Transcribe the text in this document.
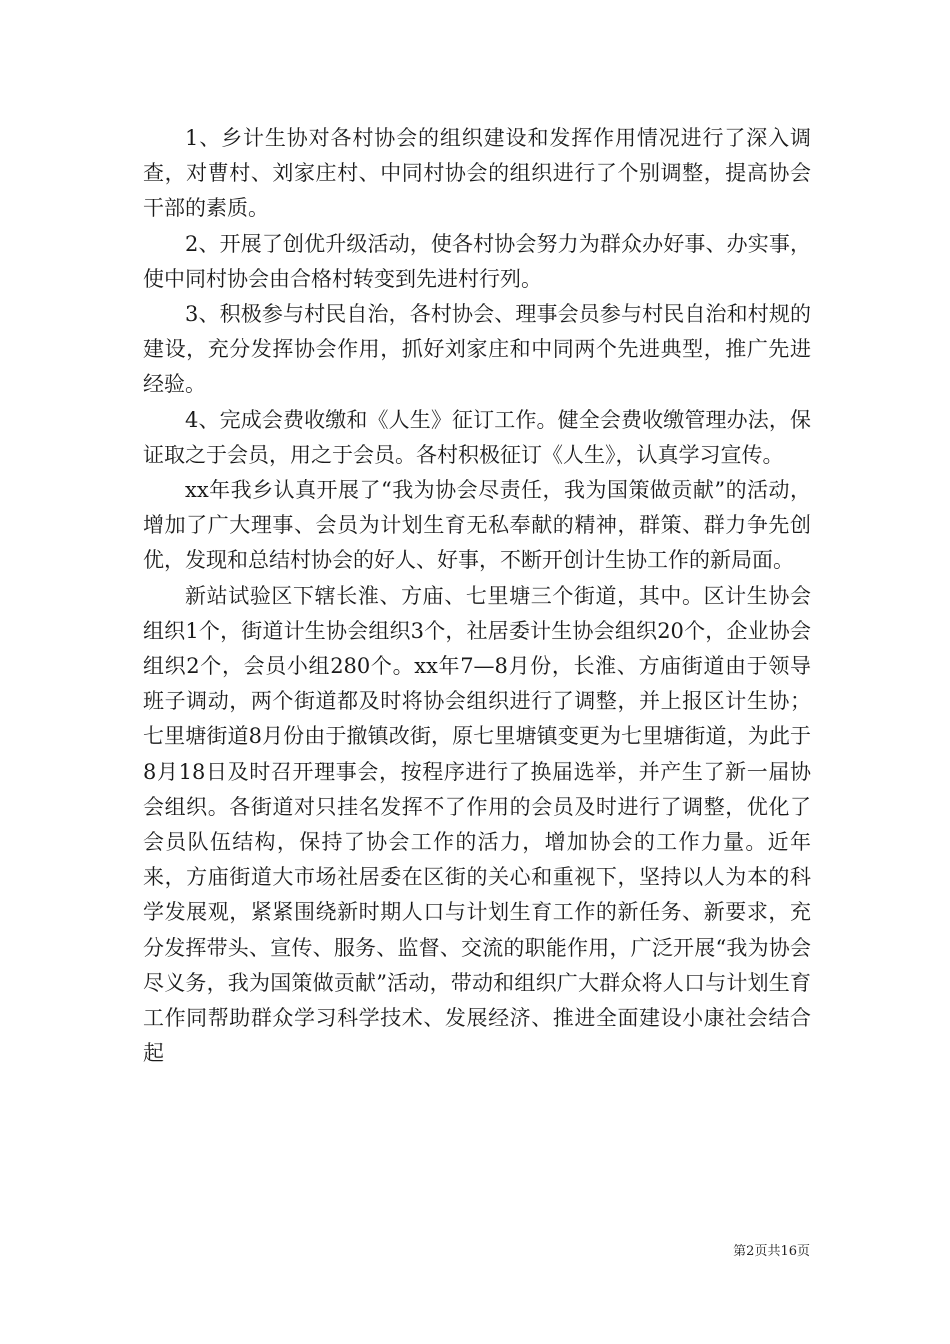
1、乡计生协对各村协会的组织建设和发挥作用情况进行了深入调查，对曹村、刘家庄村、中同村协会的组织进行了个别调整，提高协会干部的素质。

2、开展了创优升级活动，使各村协会努力为群众办好事、办实事，使中同村协会由合格村转变到先进村行列。

3、积极参与村民自治，各村协会、理事会员参与村民自治和村规的建设，充分发挥协会作用，抓好刘家庄和中同两个先进典型，推广先进经验。

4、完成会费收缴和《人生》征订工作。健全会费收缴管理办法，保证取之于会员，用之于会员。各村积极征订《人生》，认真学习宣传。

xx年我乡认真开展了“我为协会尽责任，我为国策做贡献”的活动，增加了广大理事、会员为计划生育无私奉献的精神，群策、群力争先创优，发现和总结村协会的好人、好事，不断开创计生协工作的新局面。

新站试验区下辖长淮、方庙、七里塘三个街道，其中。区计生协会组织1个，街道计生协会组织3个，社居委计生协会组织20个，企业协会组织2个，会员小组280个。xx年7—8月份，长淮、方庙街道由于领导班子调动，两个街道都及时将协会组织进行了调整，并上报区计生协；七里塘街道8月份由于撤镇改街，原七里塘镇变更为七里塘街道，为此于8月18日及时召开理事会，按程序进行了换届选举，并产生了新一届协会组织。各街道对只挂名发挥不了作用的会员及时进行了调整，优化了会员队伍结构，保持了协会工作的活力，增加协会的工作力量。近年来，方庙街道大市场社居委在区街的关心和重视下，坚持以人为本的科学发展观，紧紧围绕新时期人口与计划生育工作的新任务、新要求，充分发挥带头、宣传、服务、监督、交流的职能作用，广泛开展“我为协会尽义务，我为国策做贡献”活动，带动和组织广大群众将人口与计划生育工作同帮助群众学习科学技术、发展经济、推进全面建设小康社会结合起

第2页共16页
